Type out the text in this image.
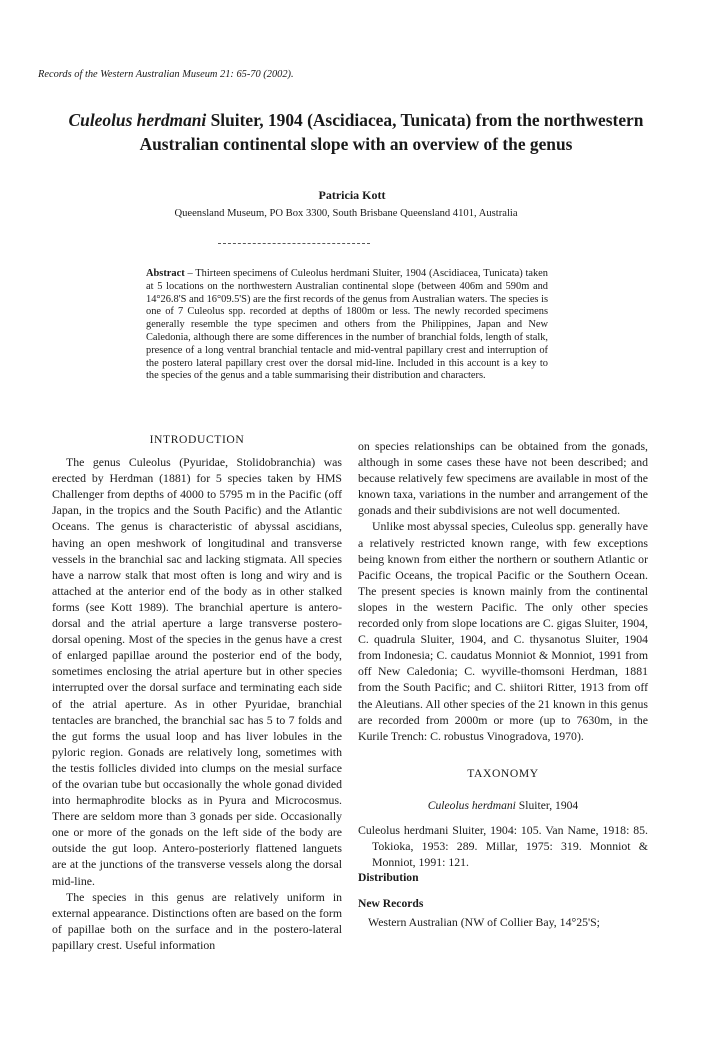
Records of the Western Australian Museum 21: 65-70 (2002).
Culeolus herdmani Sluiter, 1904 (Ascidiacea, Tunicata) from the northwestern Australian continental slope with an overview of the genus
Patricia Kott
Queensland Museum, PO Box 3300, South Brisbane Queensland 4101, Australia

Abstract – Thirteen specimens of Culeolus herdmani Sluiter, 1904 (Ascidiacea, Tunicata) taken at 5 locations on the northwestern Australian continental slope (between 406m and 590m and 14°26.8'S and 16°09.5'S) are the first records of the genus from Australian waters. The species is one of 7 Culeolus spp. recorded at depths of 1800m or less. The newly recorded specimens generally resemble the type specimen and others from the Philippines, Japan and New Caledonia, although there are some differences in the number of branchial folds, length of stalk, presence of a long ventral branchial tentacle and mid-ventral papillary crest and interruption of the postero lateral papillary crest over the dorsal mid-line. Included in this account is a key to the species of the genus and a table summarising their distribution and characters.

INTRODUCTION

The genus Culeolus (Pyuridae, Stolidobranchia) was erected by Herdman (1881) for 5 species taken by HMS Challenger from depths of 4000 to 5795 m in the Pacific (off Japan, in the tropics and the South Pacific) and the Atlantic Oceans. The genus is characteristic of abyssal ascidians, having an open meshwork of longitudinal and transverse vessels in the branchial sac and lacking stigmata. All species have a narrow stalk that most often is long and wiry and is attached at the anterior end of the body as in other stalked forms (see Kott 1989). The branchial aperture is antero-dorsal and the atrial aperture a large transverse postero-dorsal opening. Most of the species in the genus have a crest of enlarged papillae around the posterior end of the body, sometimes enclosing the atrial aperture but in other species interrupted over the dorsal surface and terminating each side of the atrial aperture. As in other Pyuridae, branchial tentacles are branched, the branchial sac has 5 to 7 folds and the gut forms the usual loop and has liver lobules in the pyloric region. Gonads are relatively long, sometimes with the testis follicles divided into clumps on the mesial surface of the ovarian tube but occasionally the whole gonad divided into hermaphrodite blocks as in Pyura and Microcosmus. There are seldom more than 3 gonads per side. Occasionally one or more of the gonads on the left side of the body are outside the gut loop. Antero-posteriorly flattened languets are at the junctions of the transverse vessels along the dorsal mid-line.

The species in this genus are relatively uniform in external appearance. Distinctions often are based on the form of papillae both on the surface and in the postero-lateral papillary crest. Useful information

on species relationships can be obtained from the gonads, although in some cases these have not been described; and because relatively few specimens are available in most of the known taxa, variations in the number and arrangement of the gonads and their subdivisions are not well documented.

Unlike most abyssal species, Culeolus spp. generally have a relatively restricted known range, with few exceptions being known from either the northern or southern Atlantic or Pacific Oceans, the tropical Pacific or the Southern Ocean. The present species is known mainly from the continental slopes in the western Pacific. The only other species recorded only from slope locations are C. gigas Sluiter, 1904, C. quadrula Sluiter, 1904, and C. thysanotus Sluiter, 1904 from Indonesia; C. caudatus Monniot & Monniot, 1991 from off New Caledonia; C. wyville-thomsoni Herdman, 1881 from the South Pacific; and C. shiitori Ritter, 1913 from off the Aleutians. All other species of the 21 known in this genus are recorded from 2000m or more (up to 7630m, in the Kurile Trench: C. robustus Vinogradova, 1970).

TAXONOMY
Culeolus herdmani Sluiter, 1904

Culeolus herdmani Sluiter, 1904: 105. Van Name, 1918: 85. Tokioka, 1953: 289. Millar, 1975: 319. Monniot & Monniot, 1991: 121.

Distribution
New Records

Western Australian (NW of Collier Bay, 14°25'S;
